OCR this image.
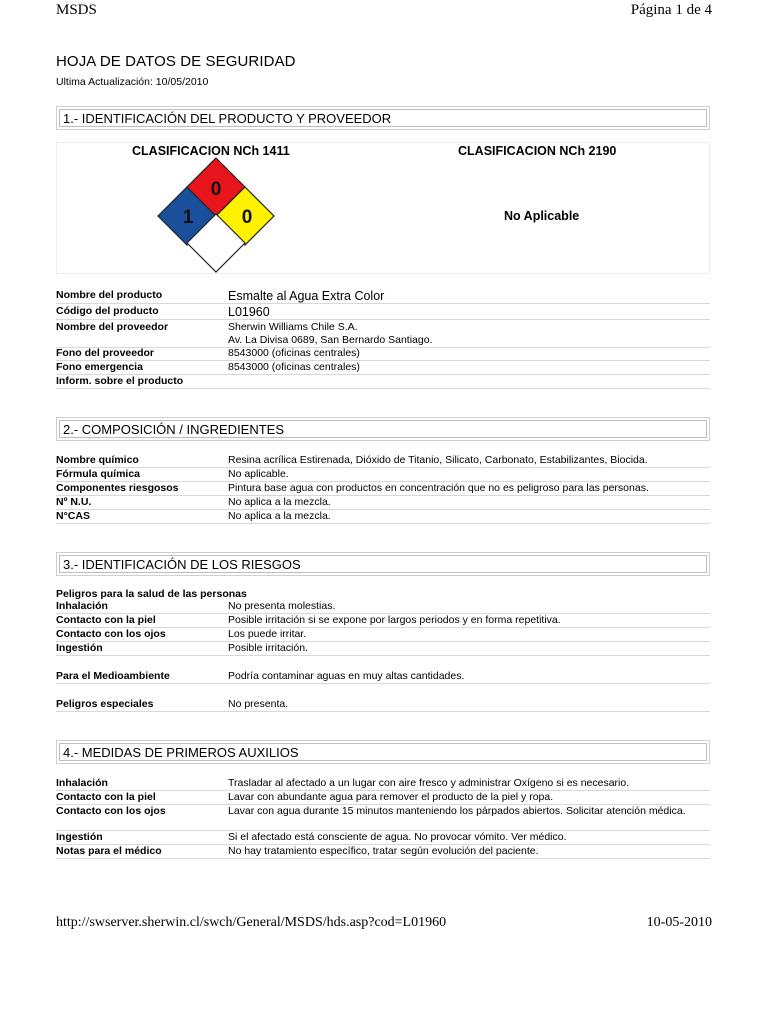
MSDS	Página 1 de 4
HOJA DE DATOS DE SEGURIDAD
Ultima Actualización: 10/05/2010
1.- IDENTIFICACIÓN DEL PRODUCTO Y PROVEEDOR
CLASIFICACION NCh 1411	CLASIFICACION NCh 2190
No Aplicable
0
1	0
Nombre del producto	Esmalte al Agua Extra Color
Código del producto	L01960
Nombre del proveedor	Sherwin Williams Chile S.A.
Av. La Divisa 0689, San Bernardo Santiago.
Fono del proveedor	8543000 (oficinas centrales)
Fono emergencia	8543000 (oficinas centrales)
Inform. sobre el producto
2.- COMPOSICIÓN / INGREDIENTES
Nombre químico	Resina acrílica Estirenada, Dióxido de Titanio, Silicato, Carbonato, Estabilizantes, Biocida.
Fórmula química	No aplicable.
Componentes riesgosos	Pintura base agua con productos en concentración que no es peligroso para las personas.
Nº N.U.	No aplica a la mezcla.
N°CAS	No aplica a la mezcla.
3.- IDENTIFICACIÓN DE LOS RIESGOS
Peligros para la salud de las personas
Inhalación	No presenta molestias.
Contacto con la piel	Posible irritación si se expone por largos periodos y en forma repetitiva.
Contacto con los ojos	Los puede irritar.
Ingestión	Posible irritación.
Para el Medioambiente	Podría contaminar aguas en muy altas cantidades.
Peligros especiales	No presenta.
4.- MEDIDAS DE PRIMEROS AUXILIOS
Inhalación	Trasladar al afectado a un lugar con aire fresco y administrar Oxígeno si es necesario.
Contacto con la piel	Lavar con abundante agua para remover el producto de la piel y ropa.
Contacto con los ojos	Lavar con agua durante 15 minutos manteniendo los párpados abiertos. Solicitar atención médica.
Ingestión	Si el afectado está consciente de agua. No provocar vómito. Ver médico.
Notas para el médico	No hay tratamiento específico, tratar según evolución del paciente.
http://swserver.sherwin.cl/swch/General/MSDS/hds.asp?cod=L01960	10-05-2010
